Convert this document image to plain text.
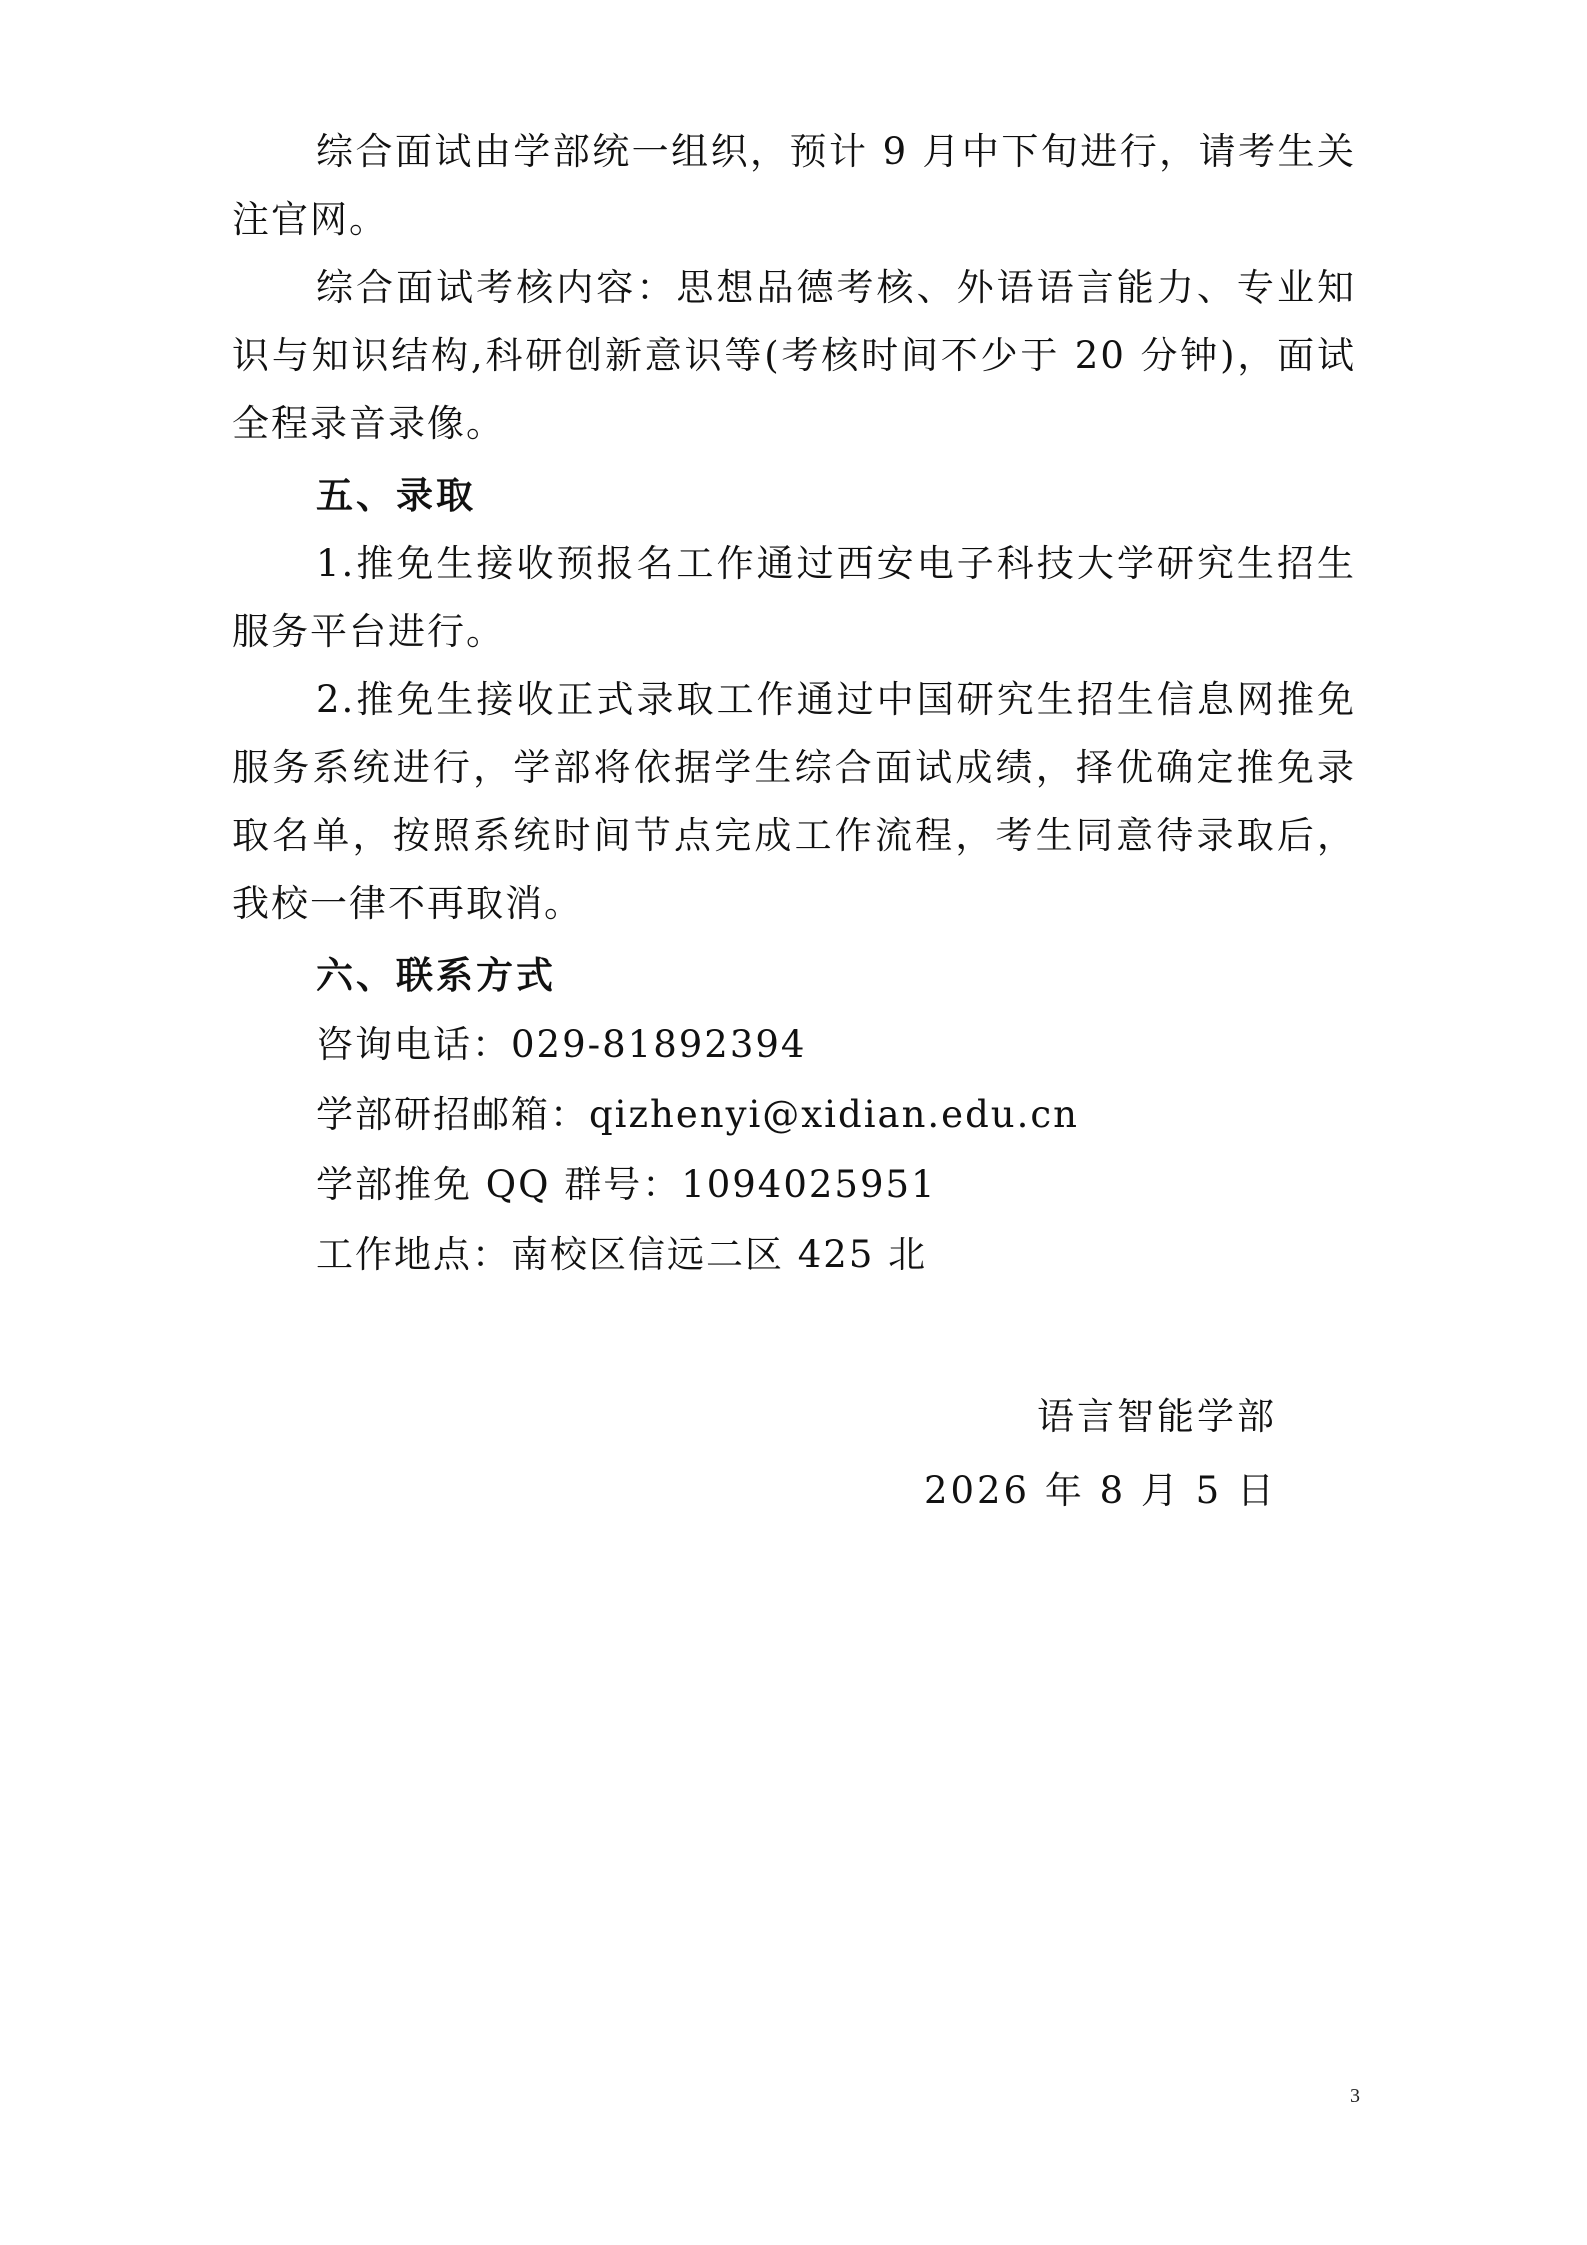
综合面试由学部统一组织，预计 9 月中下旬进行，请考生关注官网。

综合面试考核内容：思想品德考核、外语语言能力、专业知识与知识结构,科研创新意识等(考核时间不少于 20 分钟)，面试全程录音录像。

五、录取

1.推免生接收预报名工作通过西安电子科技大学研究生招生服务平台进行。

2.推免生接收正式录取工作通过中国研究生招生信息网推免服务系统进行，学部将依据学生综合面试成绩，择优确定推免录取名单，按照系统时间节点完成工作流程，考生同意待录取后，我校一律不再取消。

六、联系方式
咨询电话：029-81892394
学部研招邮箱：qizhenyi@xidian.edu.cn
学部推免 QQ 群号：1094025951
工作地点：南校区信远二区 425 北
语言智能学部
2026 年 8 月 5 日
3
